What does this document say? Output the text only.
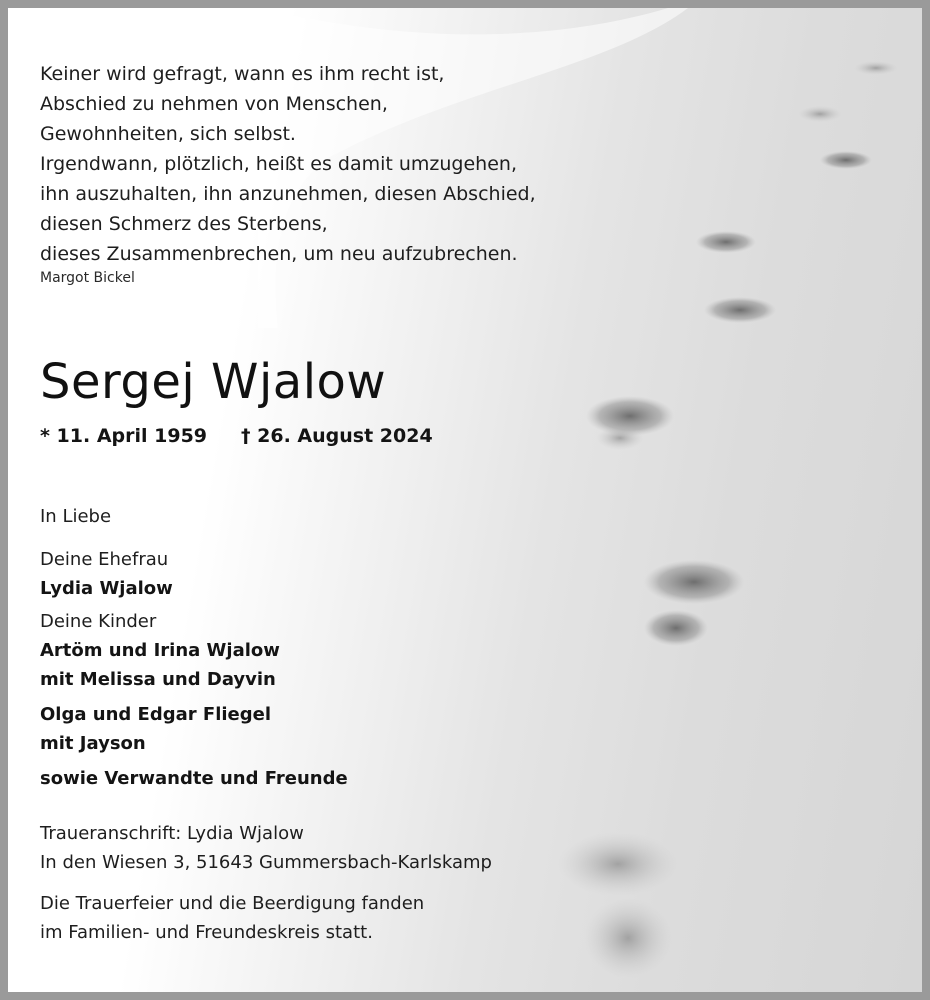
Keiner wird gefragt, wann es ihm recht ist,
Abschied zu nehmen von Menschen,
Gewohnheiten, sich selbst.
Irgendwann, plötzlich, heißt es damit umzugehen,
ihn auszuhalten, ihn anzunehmen, diesen Abschied,
diesen Schmerz des Sterbens,
dieses Zusammenbrechen, um neu aufzubrechen.
Margot Bickel
Sergej Wjalow
* 11. April 1959 † 26. August 2024
In Liebe
Deine Ehefrau
Lydia Wjalow
Deine Kinder
Artöm und Irina Wjalow
mit Melissa und Dayvin
Olga und Edgar Fliegel
mit Jayson
sowie Verwandte und Freunde
Traueranschrift: Lydia Wjalow
In den Wiesen 3, 51643 Gummersbach-Karlskamp
Die Trauerfeier und die Beerdigung fanden
im Familien- und Freundeskreis statt.
